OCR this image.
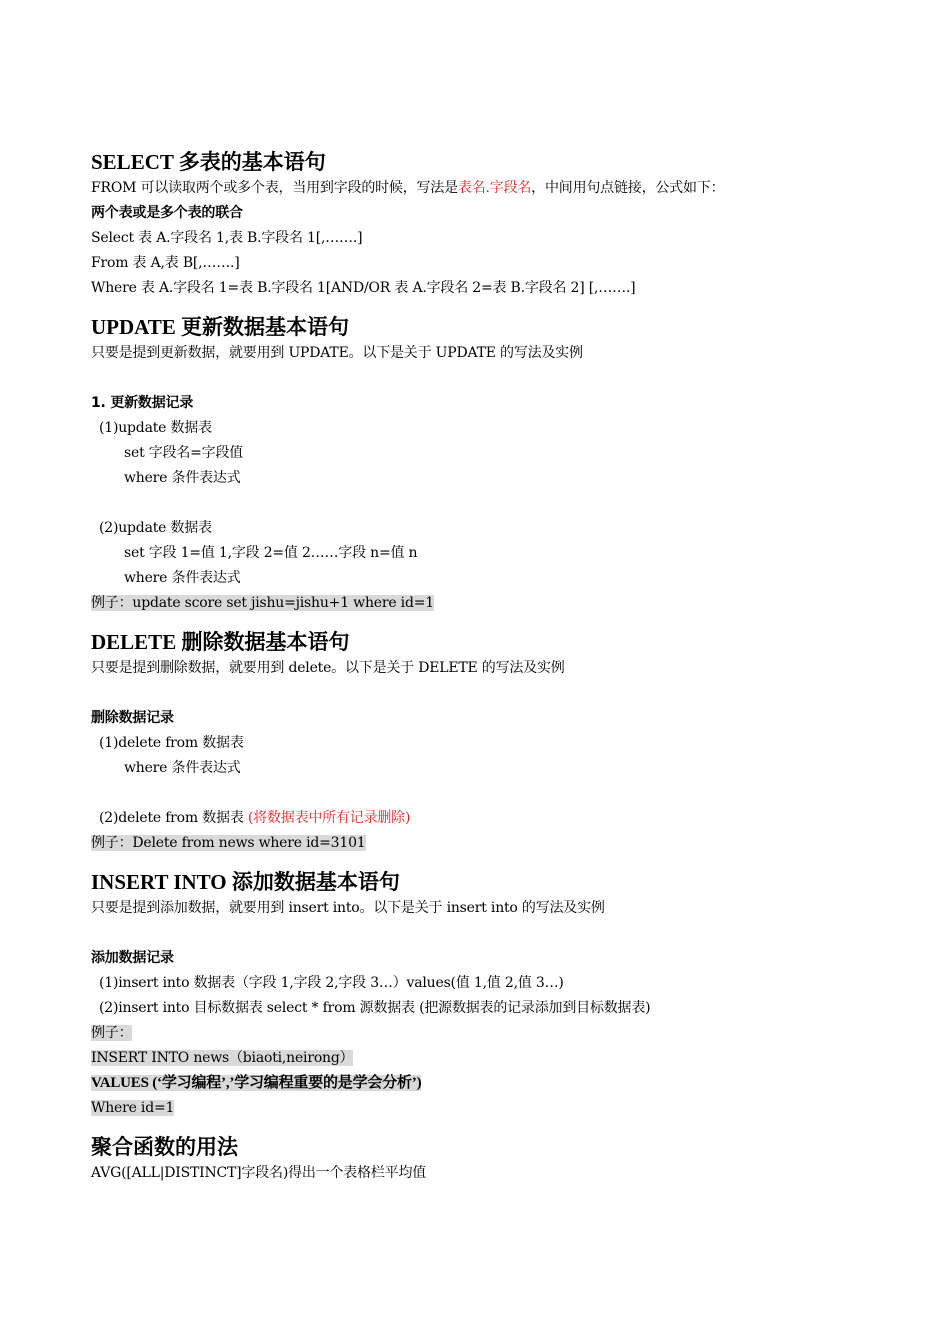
SELECT 多表的基本语句
FROM 可以读取两个或多个表，当用到字段的时候，写法是表名.字段名，中间用句点链接，公式如下：
两个表或是多个表的联合
Select 表 A.字段名 1,表 B.字段名 1[,…….]
From 表 A,表 B[,…….]
Where 表 A.字段名 1=表 B.字段名 1[AND/OR 表 A.字段名 2=表 B.字段名 2] [,…….]
UPDATE 更新数据基本语句
只要是提到更新数据，就要用到 UPDATE。以下是关于 UPDATE 的写法及实例
1. 更新数据记录
(1)update 数据表
set 字段名=字段值
where 条件表达式
(2)update 数据表
set 字段 1=值 1,字段 2=值 2……字段 n=值 n
where 条件表达式
例子：update score set jishu=jishu+1 where id=1
DELETE 删除数据基本语句
只要是提到删除数据，就要用到 delete。以下是关于 DELETE 的写法及实例
删除数据记录
(1)delete from 数据表
where 条件表达式
(2)delete from 数据表 (将数据表中所有记录删除)
例子：Delete from news where id=3101
INSERT INTO 添加数据基本语句
只要是提到添加数据，就要用到 insert into。以下是关于 insert into 的写法及实例
添加数据记录
(1)insert into 数据表（字段 1,字段 2,字段 3…）values(值 1,值 2,值 3…)
(2)insert into 目标数据表 select * from 源数据表 (把源数据表的记录添加到目标数据表)
例子：
INSERT INTO news（biaoti,neirong）
VALUES (‘学习编程’,’学习编程重要的是学会分析’)
Where id=1
聚合函数的用法
AVG([ALL|DISTINCT]字段名)得出一个表格栏平均值
